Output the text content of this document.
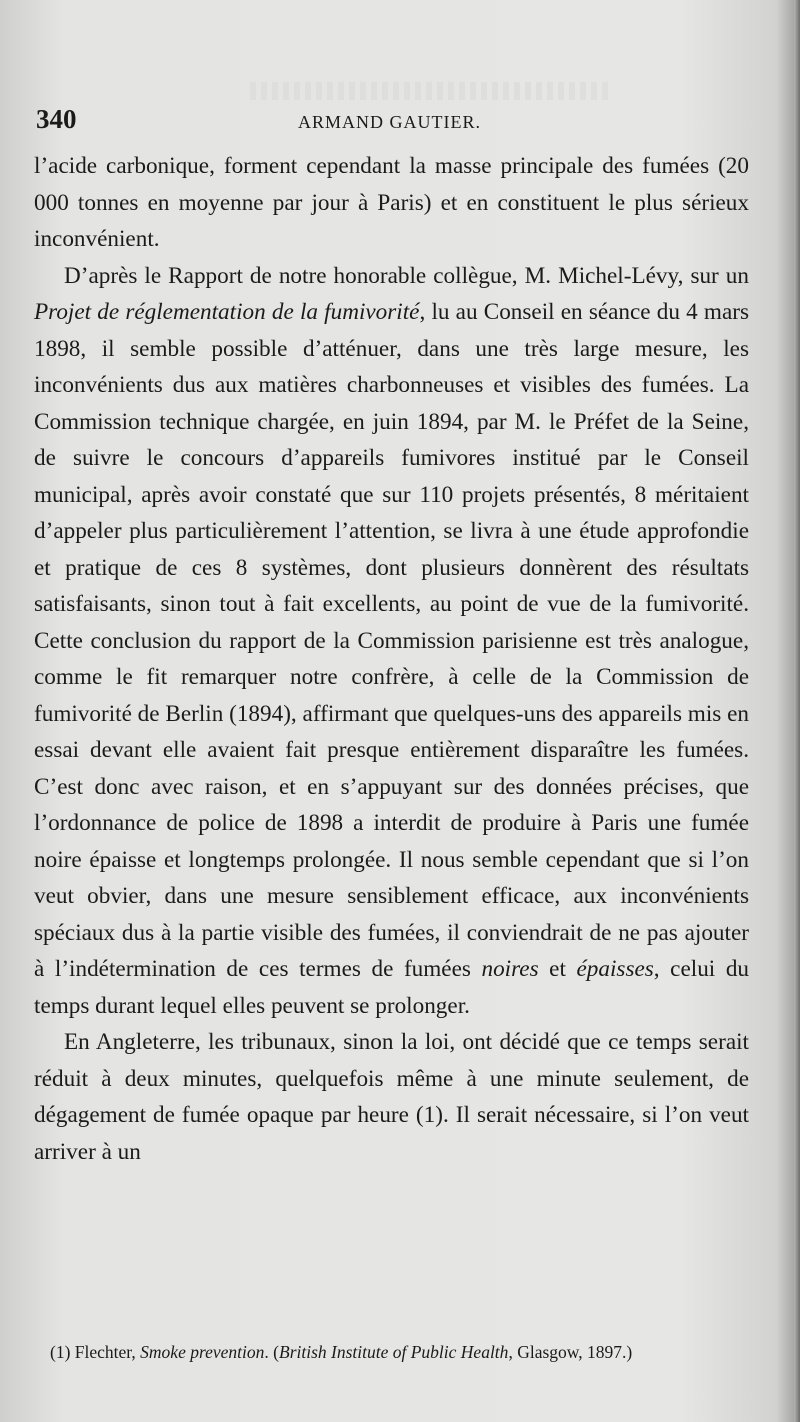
340	ARMAND GAUTIER.

l’acide carbonique, forment cependant la masse principale des fumées (20 000 tonnes en moyenne par jour à Paris) et en constituent le plus sérieux inconvénient.

D’après le Rapport de notre honorable collègue, M. Michel-Lévy, sur un Projet de réglementation de la fumivorité, lu au Conseil en séance du 4 mars 1898, il semble possible d’atténuer, dans une très large mesure, les inconvénients dus aux matières charbonneuses et visibles des fumées. La Commission technique chargée, en juin 1894, par M. le Préfet de la Seine, de suivre le concours d’appareils fumivores institué par le Conseil municipal, après avoir constaté que sur 110 projets présentés, 8 méritaient d’appeler plus particulièrement l’attention, se livra à une étude approfondie et pratique de ces 8 systèmes, dont plusieurs donnèrent des résultats satisfaisants, sinon tout à fait excellents, au point de vue de la fumivorité. Cette conclusion du rapport de la Commission parisienne est très analogue, comme le fit remarquer notre confrère, à celle de la Commission de fumivorité de Berlin (1894), affirmant que quelques-uns des appareils mis en essai devant elle avaient fait presque entièrement disparaître les fumées. C’est donc avec raison, et en s’appuyant sur des données précises, que l’ordonnance de police de 1898 a interdit de produire à Paris une fumée noire épaisse et longtemps prolongée. Il nous semble cependant que si l’on veut obvier, dans une mesure sensiblement efficace, aux inconvénients spéciaux dus à la partie visible des fumées, il conviendrait de ne pas ajouter à l’indétermination de ces termes de fumées noires et épaisses, celui du temps durant lequel elles peuvent se prolonger.

En Angleterre, les tribunaux, sinon la loi, ont décidé que ce temps serait réduit à deux minutes, quelquefois même à une minute seulement, de dégagement de fumée opaque par heure (1). Il serait nécessaire, si l’on veut arriver à un

(1) Flechter, Smoke prevention. (British Institute of Public Health, Glasgow, 1897.)
